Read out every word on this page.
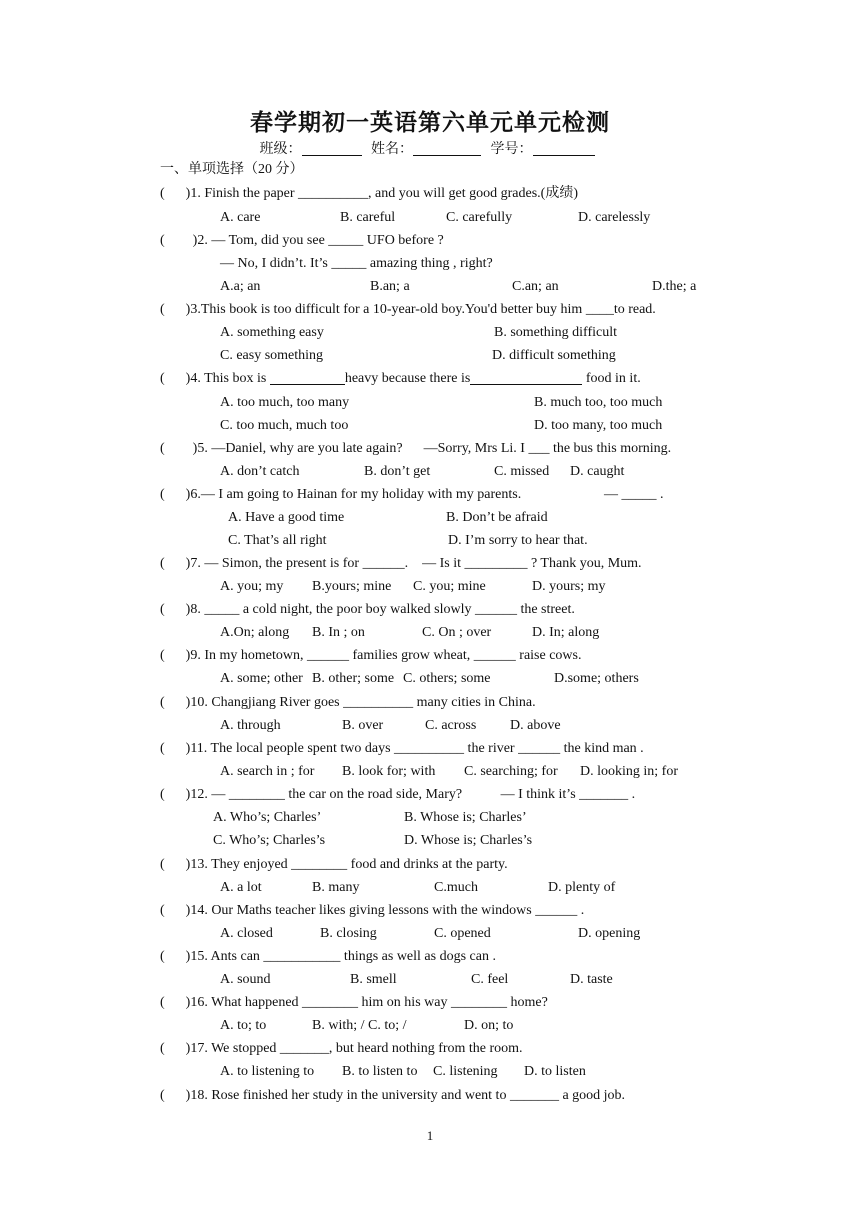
春学期初一英语第六单元单元检测
班级：	姓名：	学号：
一、单项选择（20 分）
(      )1. Finish the paper __________, and you will get good grades.(成绩)
A. care	B. careful	C. carefully	D. carelessly
(        )2. — Tom, did you see _____ UFO before ?
— No, I didn’t. It’s _____ amazing thing , right?
A.a; an	B.an; a	C.an; an	D.the; a
(      )3.This book is too difficult for a 10-year-old boy.You'd better buy him ____to read.
A. something easy	B. something difficult
C. easy something	D. difficult something
(      )4. This box is	heavy because there is	food in it.
A. too much, too many	B. much too, too much
C. too much, much too	D. too many, too much
(        )5. —Daniel, why are you late again?      —Sorry, Mrs Li. I ___ the bus this morning.
A. don’t catch	B. don’t get	C. missed D. caught
(      )6.— I am going to Hainan for my holiday with my parents.	— _____ .
A. Have a good time	B. Don’t be afraid
C. That’s all right	D. I’m sorry to hear that.
(      )7. — Simon, the present is for ______.    — Is it _________ ? Thank you, Mum.
A. you; my B.yours; mine C. you; mine	D. yours; my
(      )8. _____ a cold night, the poor boy walked slowly ______ the street.
A.On; along B. In ; on	C. On ; over	D. In; along
(      )9. In my hometown, ______ families grow wheat, ______ raise cows.
A. some; other B. other; some C. others; some	D.some; others
(      )10. Changjiang River goes __________ many cities in China.
A. through	B. over	C. across D. above
(      )11. The local people spent two days __________ the river ______ the kind man .
A. search in ; for B. look for; with C. searching; for D. looking in; for
(      )12. — ________ the car on the road side, Mary?           — I think it’s _______ .
A. Who’s; Charles’	B. Whose is; Charles’
C. Who’s; Charles’s	D. Whose is; Charles’s
(      )13. They enjoyed ________ food and drinks at the party.
A. a lot	B. many	C.much	D. plenty of
(      )14. Our Maths teacher likes giving lessons with the windows ______ .
A. closed	B. closing	C. opened	D. opening
(      )15. Ants can ___________ things as well as dogs can .
A. sound	B. smell	C. feel	D. taste
(      )16. What happened ________ him on his way ________ home?
A. to; to	B. with; / C. to; /	D. on; to
(      )17. We stopped _______, but heard nothing from the room.
A. to listening to B. to listen to C. listening D. to listen
(      )18. Rose finished her study in the university and went to _______ a good job.
1
